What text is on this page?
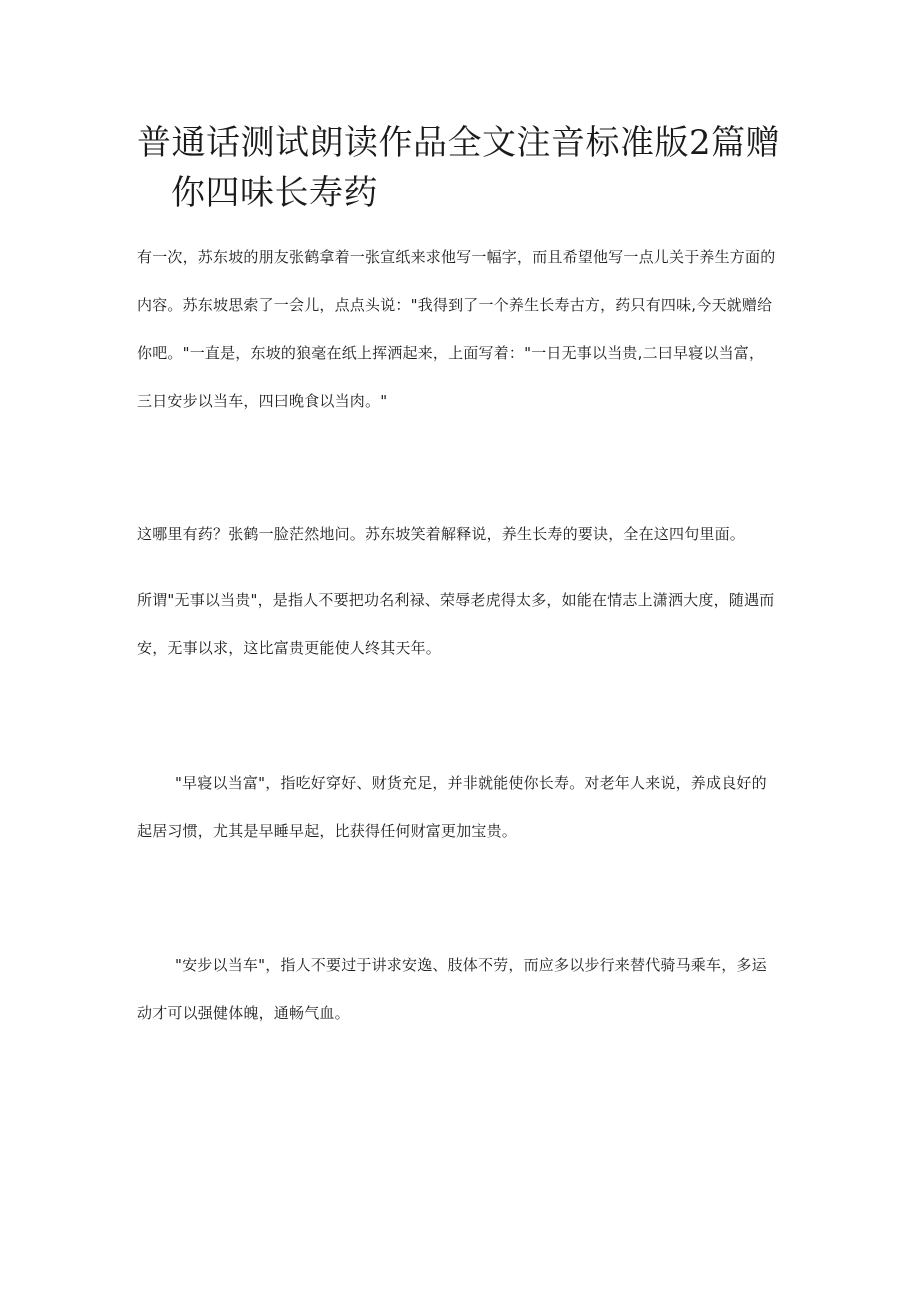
普通话测试朗读作品全文注音标准版2篇赠
你四味长寿药

有一次，苏东坡的朋友张鹤拿着一张宣纸来求他写一幅字，而且希望他写一点儿关于养生方面的
内容。苏东坡思索了一会儿，点点头说："我得到了一个养生长寿古方，药只有四味,今天就赠给
你吧。"一直是，东坡的狼毫在纸上挥洒起来，上面写着："一日无事以当贵,二曰早寝以当富，
三日安步以当车，四曰晚食以当肉。"

这哪里有药？张鹤一脸茫然地问。苏东坡笑着解释说，养生长寿的要诀，全在这四句里面。

所谓"无事以当贵"，是指人不要把功名利禄、荣辱老虎得太多，如能在情志上潇洒大度，随遇而
安，无事以求，这比富贵更能使人终其天年。

"早寝以当富"，指吃好穿好、财货充足，并非就能使你长寿。对老年人来说，养成良好的
起居习惯，尤其是早睡早起，比获得任何财富更加宝贵。

"安步以当车"，指人不要过于讲求安逸、肢体不劳，而应多以步行来替代骑马乘车，多运
动才可以强健体魄，通畅气血。
